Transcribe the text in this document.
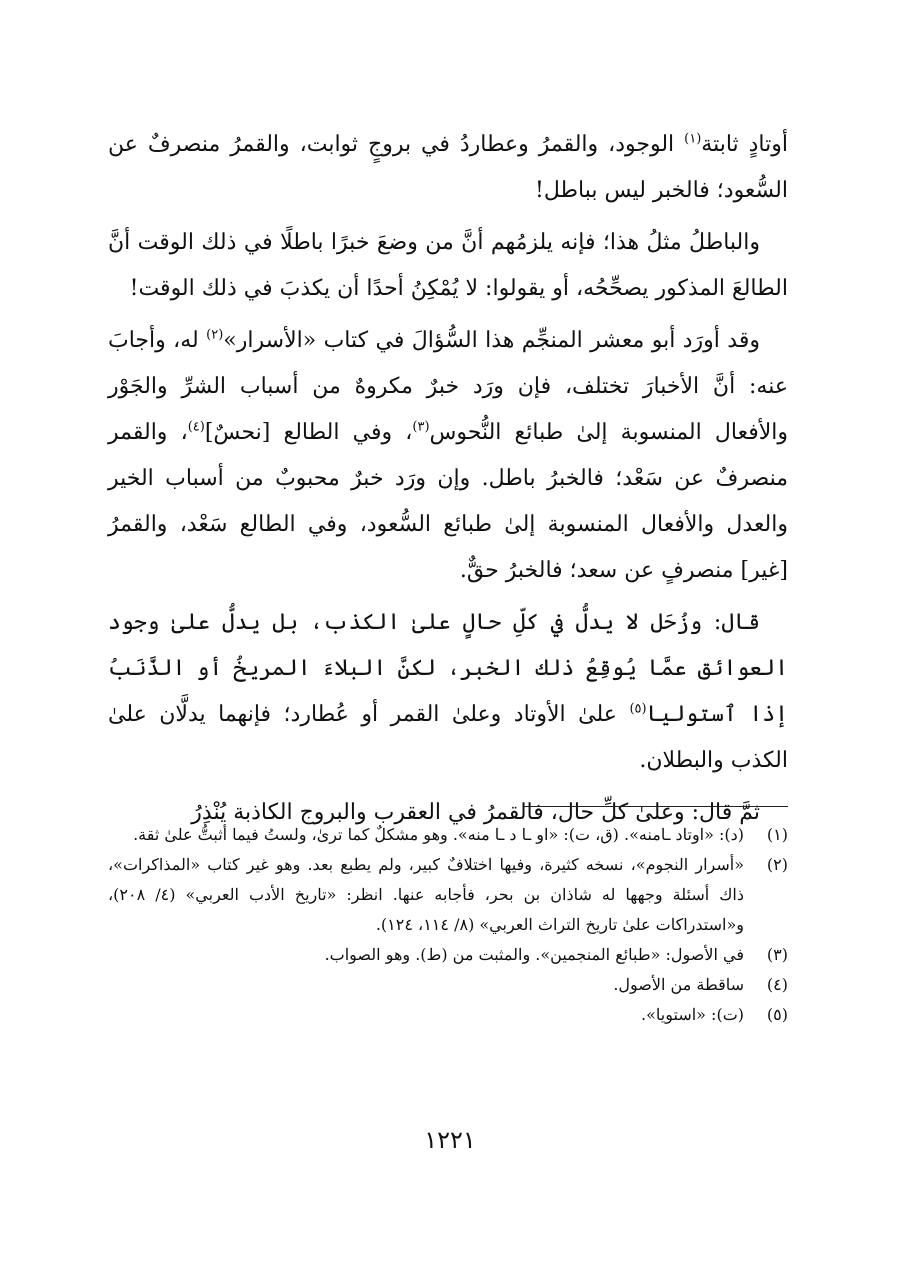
أوتادٍ ثابتة$^{(١)}$ الوجود، والقمرُ وعطاردُ في بروجٍ ثوابت، والقمرُ منصرفٌ عن السُّعود؛ فالخبر ليس بباطل!

والباطلُ مثلُ هذا؛ فإنه يلزمُهم أنَّ من وضعَ خبرًا باطلًا في ذلك الوقت أنَّ الطالعَ المذكور يصحِّحُه، أو يقولوا: لا يُمْكِنُ أحدًا أن يكذبَ في ذلك الوقت!

وقد أورَد أبو معشر المنجِّم هذا السُّؤالَ في كتاب «الأسرار»$^{(٢)}$ له، وأجابَ عنه: أنَّ الأخبارَ تختلف، فإن ورَد خبرٌ مكروهٌ من أسباب الشرِّ والجَوْر والأفعال المنسوبة إلىٰ طبائع النُّحوس$^{(٣)}$، وفي الطالع [نحسٌ]$^{(٤)}$، والقمر منصرفٌ عن سَعْد؛ فالخبرُ باطل. وإن ورَد خبرٌ محبوبٌ من أسباب الخير والعدل والأفعال المنسوبة إلىٰ طبائع السُّعود، وفي الطالع سَعْد، والقمرُ [غير] منصرفٍ عن سعد؛ فالخبرُ حقٌّ.

قال: وزُحَل لا يدلُّ في كلِّ حالٍ علىٰ الكذب، بل يدلُّ علىٰ وجود العوائق عمَّا يُوقِعُ ذلك الخبر، لكنَّ البلاءَ المريخُ أو الذَّنَبُ إذا ٱستوليا$^{(٥)}$ علىٰ الأوتاد وعلىٰ القمر أو عُطارد؛ فإنهما يدلَّان علىٰ الكذب والبطلان.

ثمَّ قال: وعلىٰ كلِّ حال، فالقمرُ في العقرب والبروج الكاذبة يُنْذِرُ

(١)
(د): «اوتاد ـامنه». (ق، ت): «او ـا د ـا منه». وهو مشكلٌ كما ترىٰ، ولستُ فيما أثبتُّ علىٰ ثقة.
(٢)
«أسرار النجوم»، نسخه كثيرة، وفيها اختلافٌ كبير، ولم يطبع بعد. وهو غير كتاب «المذاكرات»، ذاك أسئلة وجهها له شاذان بن بحر، فأجابه عنها. انظر: «تاريخ الأدب العربي» (٤/ ٢٠٨)، و«استدراكات علىٰ تاريخ التراث العربي» (٨/ ١١٤، ١٢٤).
(٣)
في الأصول: «طبائع المنجمين». والمثبت من (ط). وهو الصواب.
(٤)
ساقطة من الأصول.
(٥)
(ت): «استويا».
١٢٢١
